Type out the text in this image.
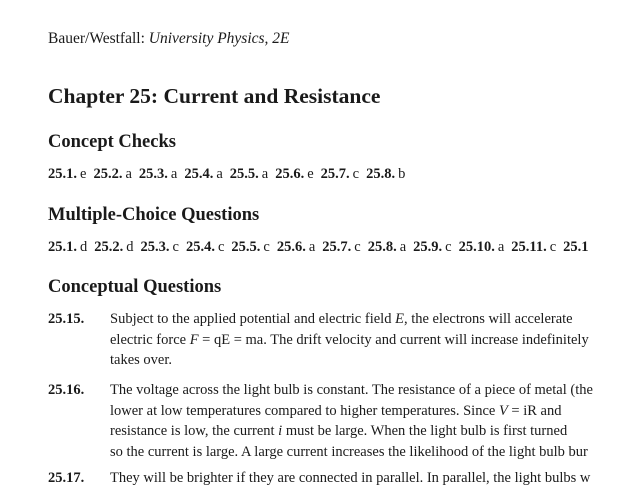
Bauer/Westfall: University Physics, 2E
Chapter 25: Current and Resistance
Concept Checks
25.1. e 25.2. a 25.3. a 25.4. a 25.5. a 25.6. e 25.7. c 25.8. b
Multiple-Choice Questions
25.1. d 25.2. d 25.3. c 25.4. c 25.5. c 25.6. a 25.7. c 25.8. a 25.9. c 25.10. a 25.11. c 25.1
Conceptual Questions
25.15. Subject to the applied potential and electric field E, the electrons will accelerate
electric force F = qE = ma. The drift velocity and current will increase indefinitely
takes over.
25.16. The voltage across the light bulb is constant. The resistance of a piece of metal (the
lower at low temperatures compared to higher temperatures. Since V = iR and
resistance is low, the current i must be large. When the light bulb is first turned
so the current is large. A large current increases the likelihood of the light bulb bur
25.17. They will be brighter if they are connected in parallel. In parallel, the light bulbs w
